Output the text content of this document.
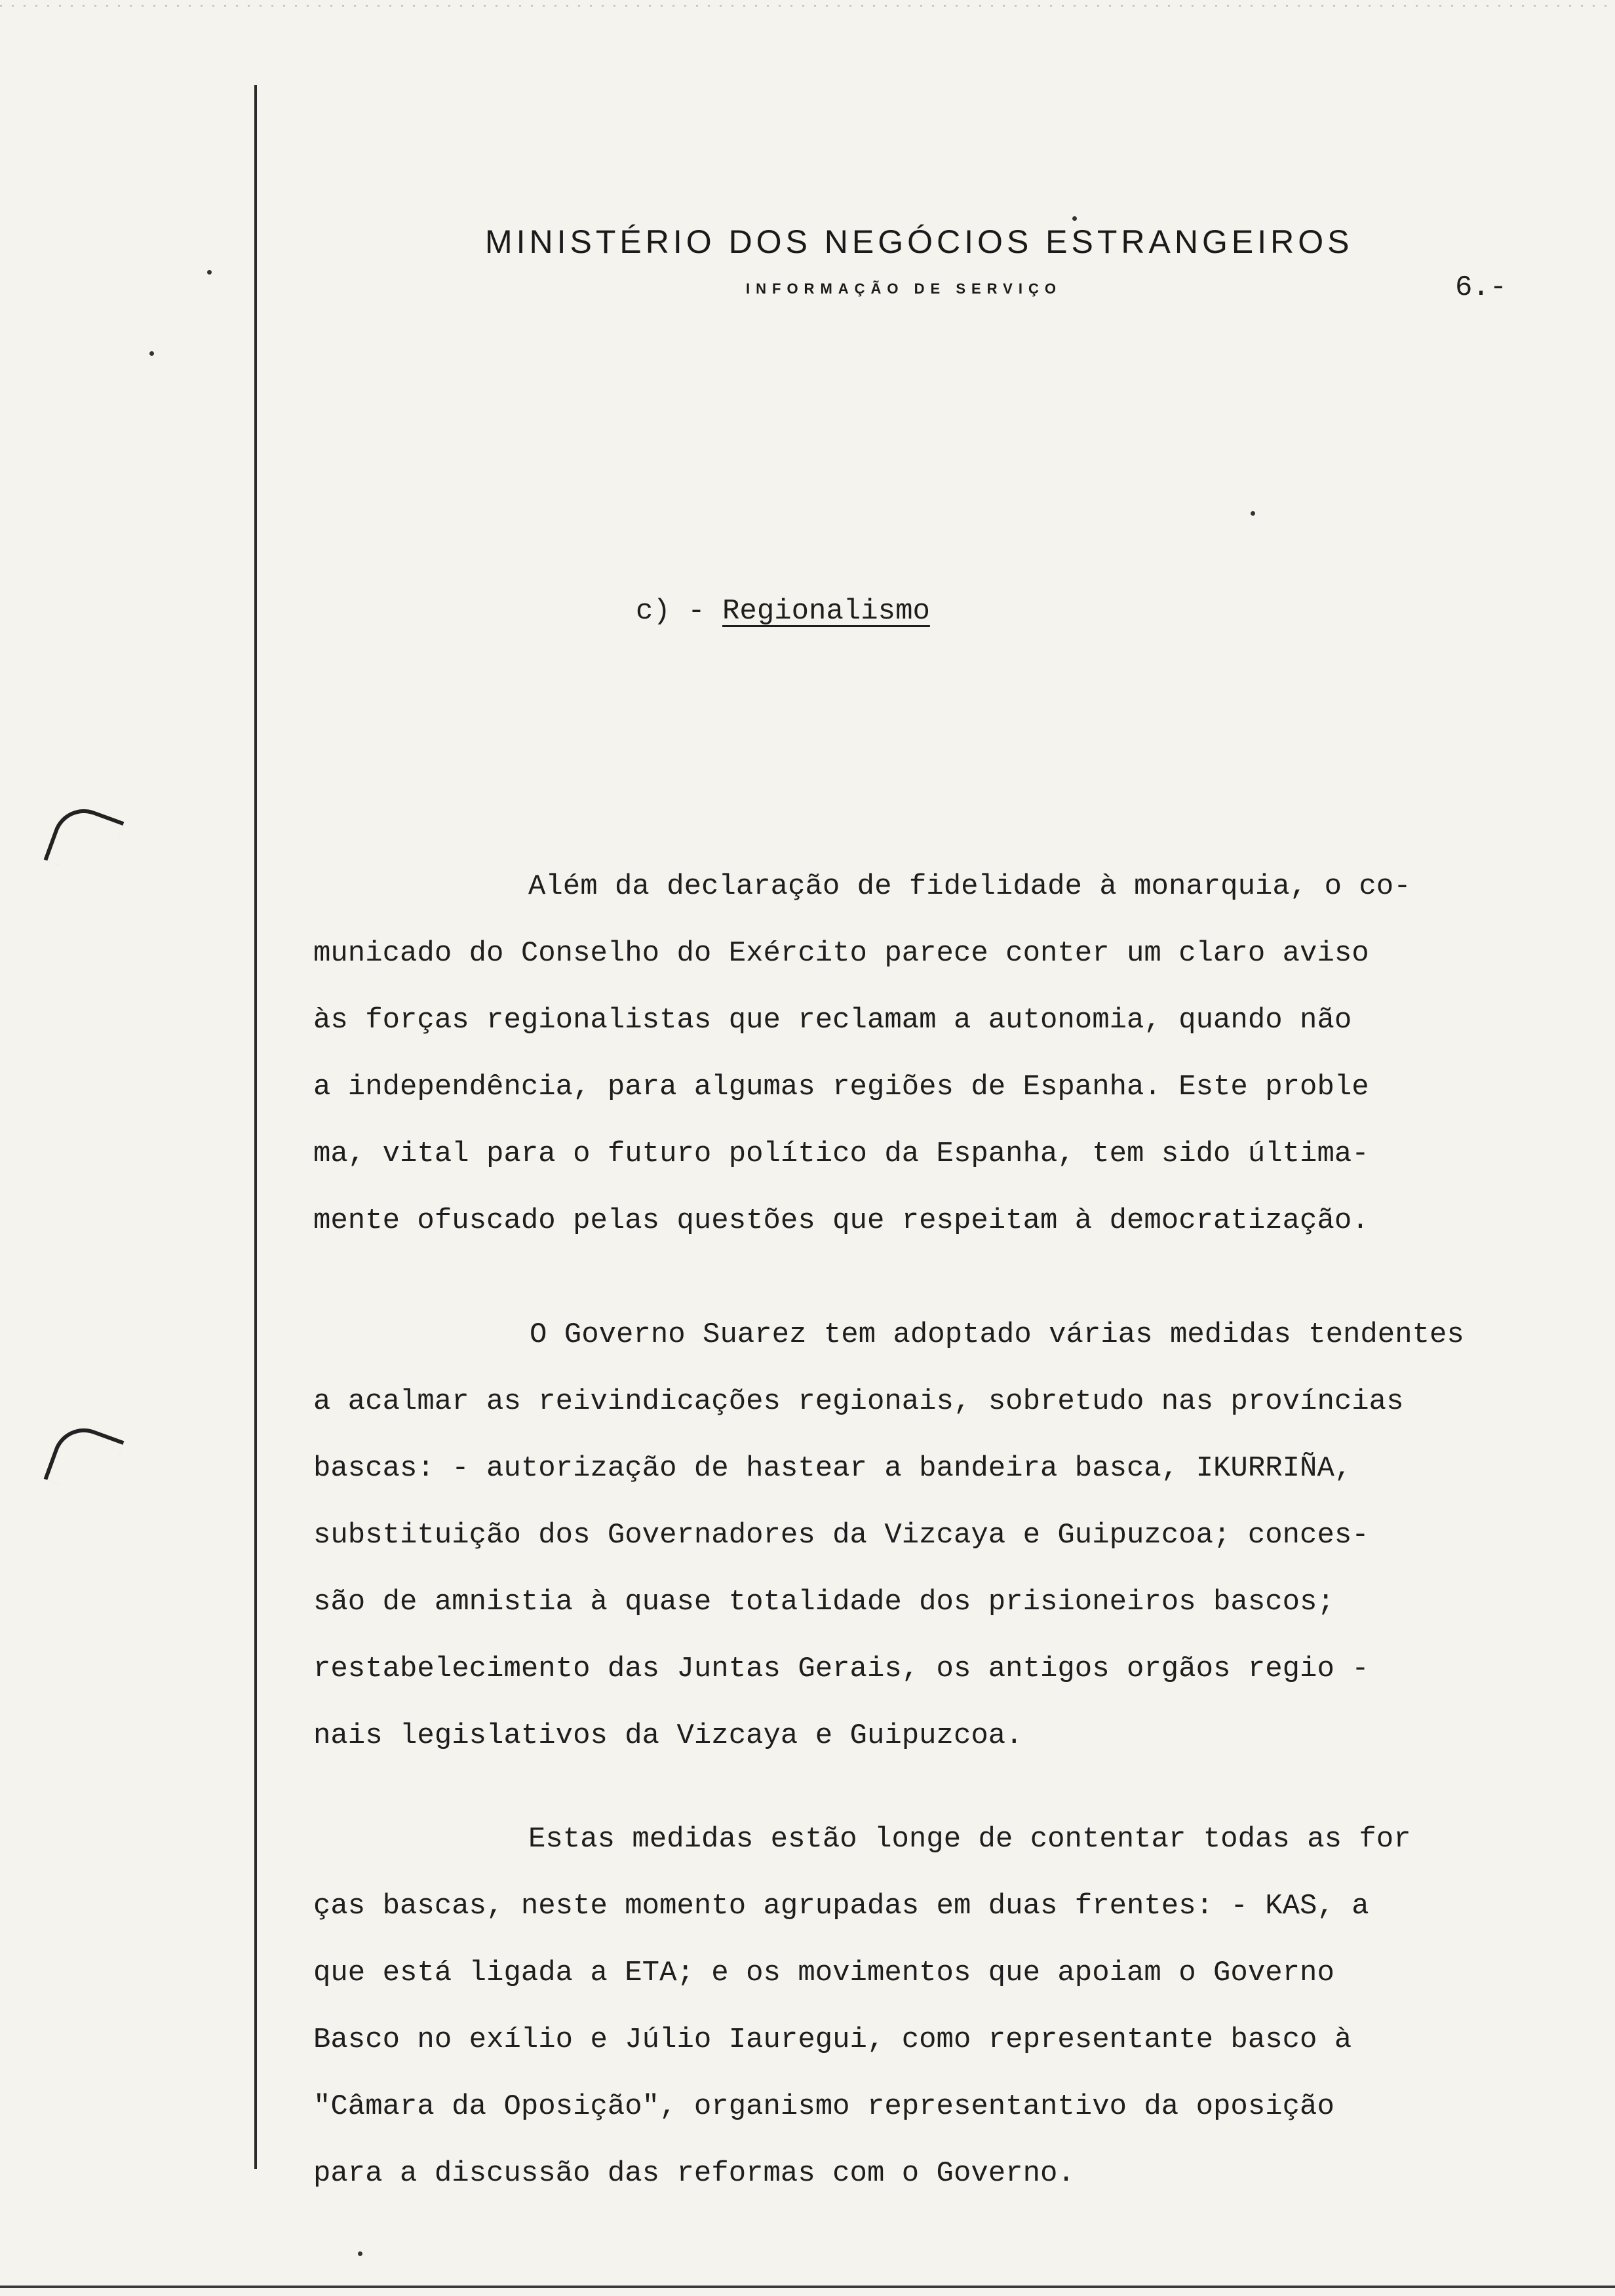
MINISTÉRIO DOS NEGÓCIOS ESTRANGEIROS
INFORMAÇÃO DE SERVIÇO	6.-
c) - Regionalismo
Além da declaração de fidelidade à monarquia, o co-
municado do Conselho do Exército parece conter um claro aviso
às forças regionalistas que reclamam a autonomia, quando não
a independência, para algumas regiões de Espanha. Este proble
ma, vital para o futuro político da Espanha, tem sido últimа-
mente ofuscado pelas questões que respeitam à democratização.
O Governo Suarez tem adoptado várias medidas tendentes
a acalmar as reivindicações regionais, sobretudo nas províncias
bascas: - autorização de hastear a bandeira basca, IKURRIÑA,
substituição dos Governadores da Vizcaya e Guipuzcoa; conces-
são de amnistia à quase totalidade dos prisioneiros bascos;
restabelecimento das Juntas Gerais, os antigos orgãos regio -
nais legislativos da Vizcaya e Guipuzcoa.
Estas medidas estão longe de contentar todas as for
ças bascas, neste momento agrupadas em duas frentes: - KAS, a
que está ligada a ETA; e os movimentos que apoiam o Governo
Basco no exílio e Júlio Iauregui, como representante basco à
"Câmara da Oposição", organismo representantivo da oposição
para a discussão das reformas com o Governo.
